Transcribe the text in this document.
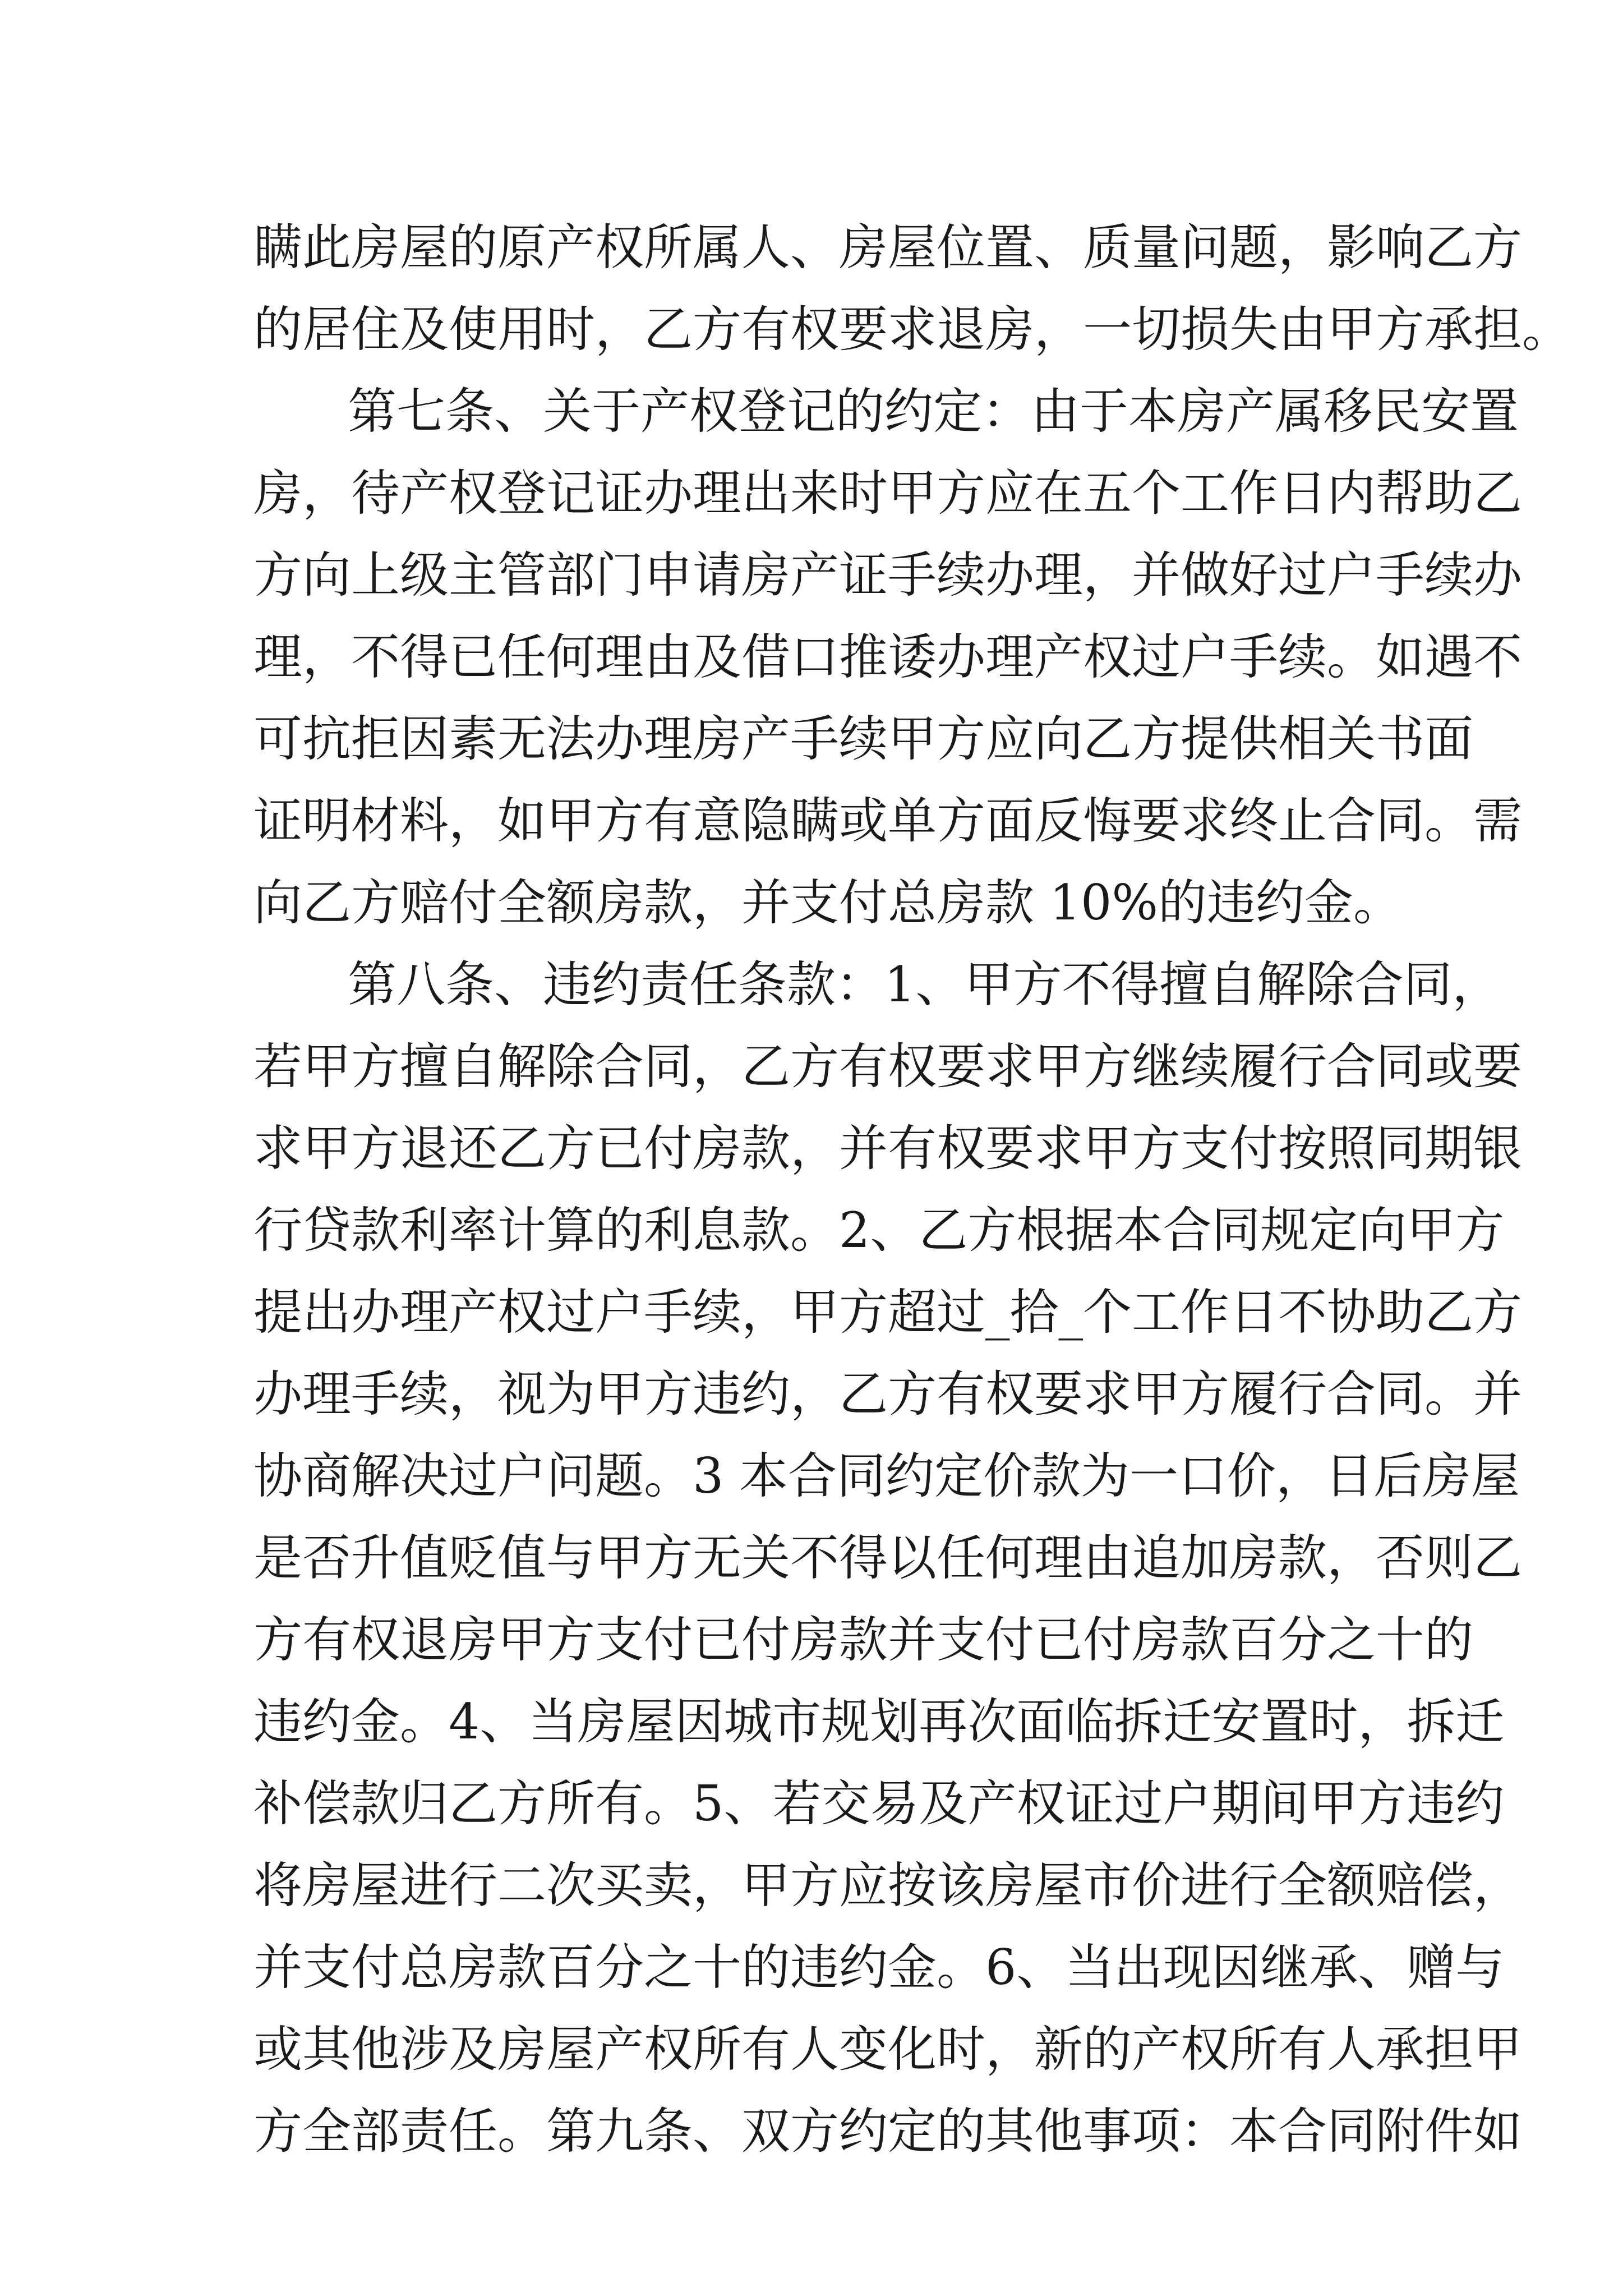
瞒此房屋的原产权所属人、房屋位置、质量问题，影响乙方
的居住及使用时，乙方有权要求退房，一切损失由甲方承担。
第七条、关于产权登记的约定：由于本房产属移民安置
房，待产权登记证办理出来时甲方应在五个工作日内帮助乙
方向上级主管部门申请房产证手续办理，并做好过户手续办
理，不得已任何理由及借口推诿办理产权过户手续。如遇不
可抗拒因素无法办理房产手续甲方应向乙方提供相关书面
证明材料，如甲方有意隐瞒或单方面反悔要求终止合同。需
向乙方赔付全额房款，并支付总房款 10%的违约金。
第八条、违约责任条款：1、甲方不得擅自解除合同，
若甲方擅自解除合同，乙方有权要求甲方继续履行合同或要
求甲方退还乙方已付房款，并有权要求甲方支付按照同期银
行贷款利率计算的利息款。2、乙方根据本合同规定向甲方
提出办理产权过户手续，甲方超过_拾_个工作日不协助乙方
办理手续，视为甲方违约，乙方有权要求甲方履行合同。并
协商解决过户问题。3 本合同约定价款为一口价，日后房屋
是否升值贬值与甲方无关不得以任何理由追加房款，否则乙
方有权退房甲方支付已付房款并支付已付房款百分之十的
违约金。4、当房屋因城市规划再次面临拆迁安置时，拆迁
补偿款归乙方所有。5、若交易及产权证过户期间甲方违约
将房屋进行二次买卖，甲方应按该房屋市价进行全额赔偿，
并支付总房款百分之十的违约金。6、当出现因继承、赠与
或其他涉及房屋产权所有人变化时，新的产权所有人承担甲
方全部责任。第九条、双方约定的其他事项：本合同附件如
